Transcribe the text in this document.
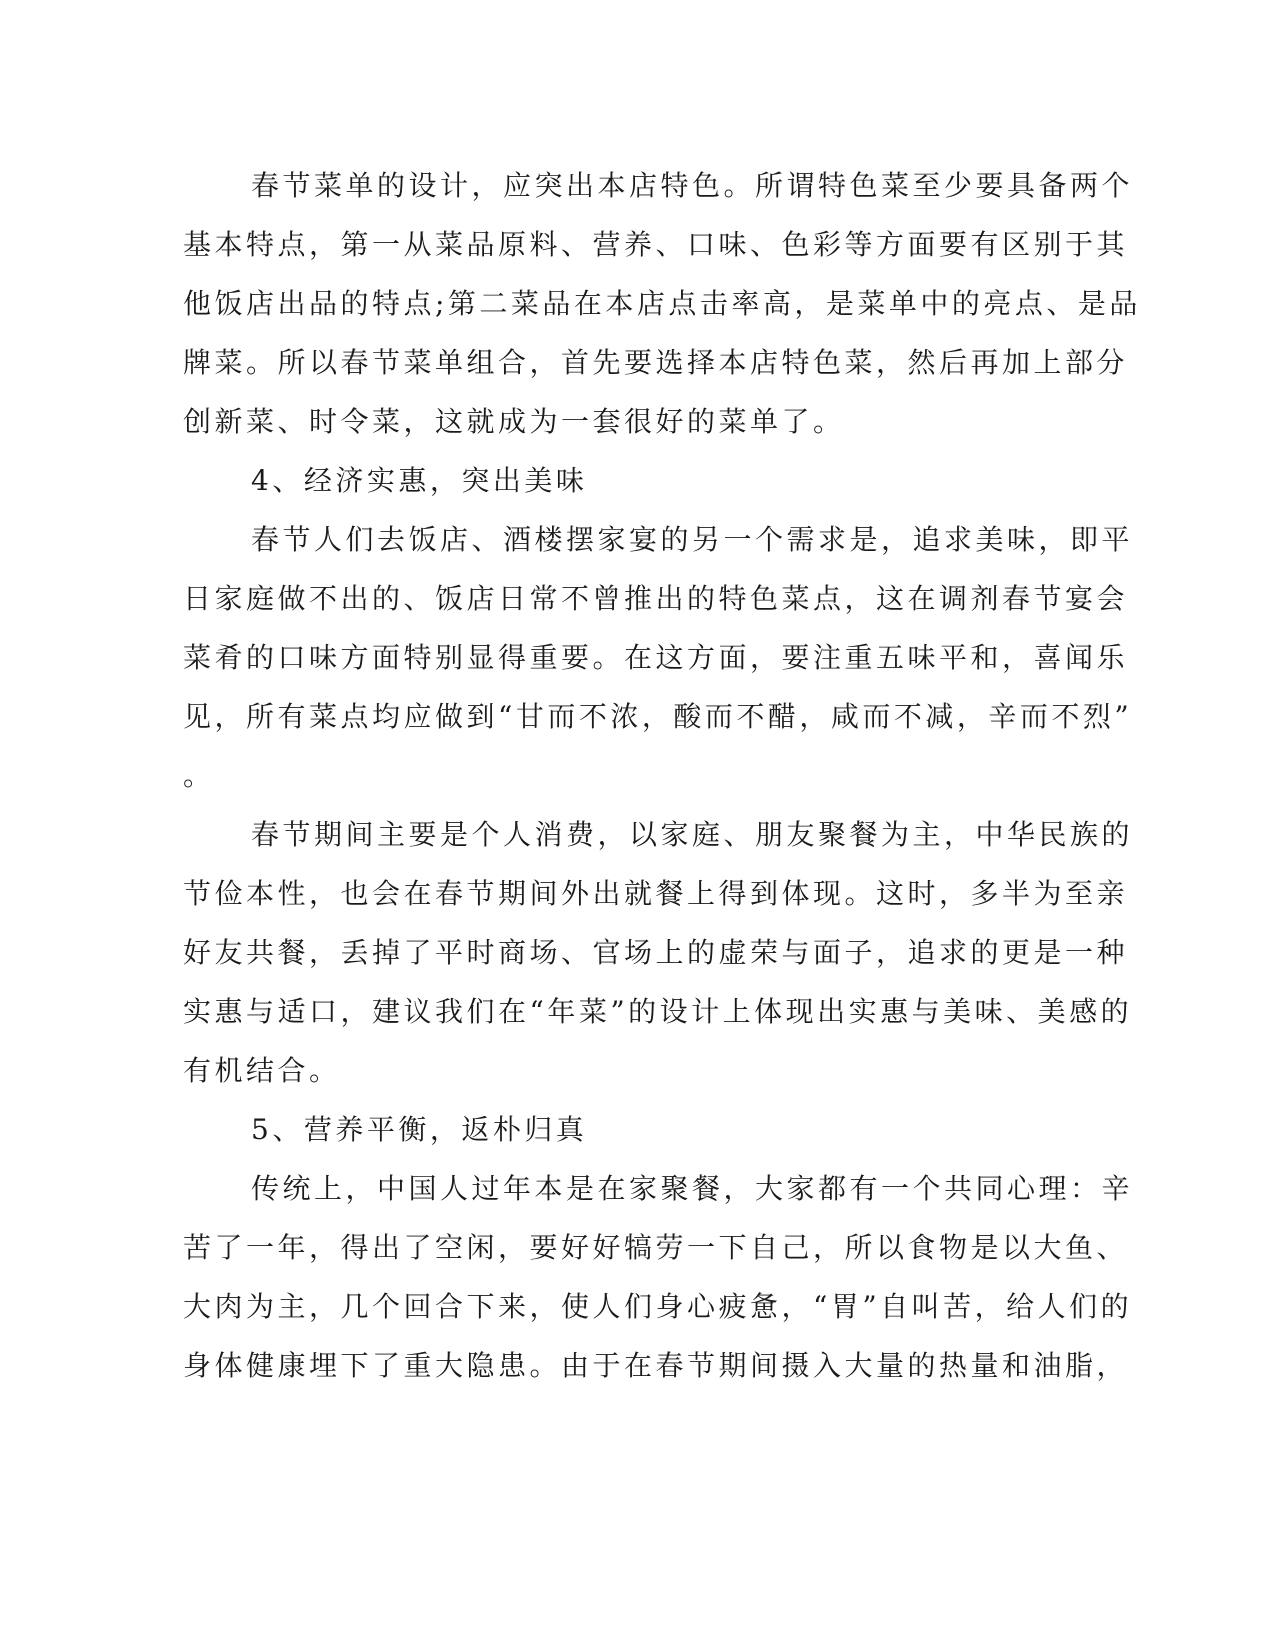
春节菜单的设计，应突出本店特色。所谓特色菜至少要具备两个
基本特点，第一从菜品原料、营养、口味、色彩等方面要有区别于其
他饭店出品的特点;第二菜品在本店点击率高，是菜单中的亮点、是品
牌菜。所以春节菜单组合，首先要选择本店特色菜，然后再加上部分
创新菜、时令菜，这就成为一套很好的菜单了。
4、经济实惠，突出美味
春节人们去饭店、酒楼摆家宴的另一个需求是，追求美味，即平
日家庭做不出的、饭店日常不曾推出的特色菜点，这在调剂春节宴会
菜肴的口味方面特别显得重要。在这方面，要注重五味平和，喜闻乐
见，所有菜点均应做到“甘而不浓，酸而不醋，咸而不减，辛而不烈”
。
春节期间主要是个人消费，以家庭、朋友聚餐为主，中华民族的
节俭本性，也会在春节期间外出就餐上得到体现。这时，多半为至亲
好友共餐，丢掉了平时商场、官场上的虚荣与面子，追求的更是一种
实惠与适口，建议我们在“年菜”的设计上体现出实惠与美味、美感的
有机结合。
5、营养平衡，返朴归真
传统上，中国人过年本是在家聚餐，大家都有一个共同心理：辛
苦了一年，得出了空闲，要好好犒劳一下自己，所以食物是以大鱼、
大肉为主，几个回合下来，使人们身心疲惫，“胃”自叫苦，给人们的
身体健康埋下了重大隐患。由于在春节期间摄入大量的热量和油脂，
